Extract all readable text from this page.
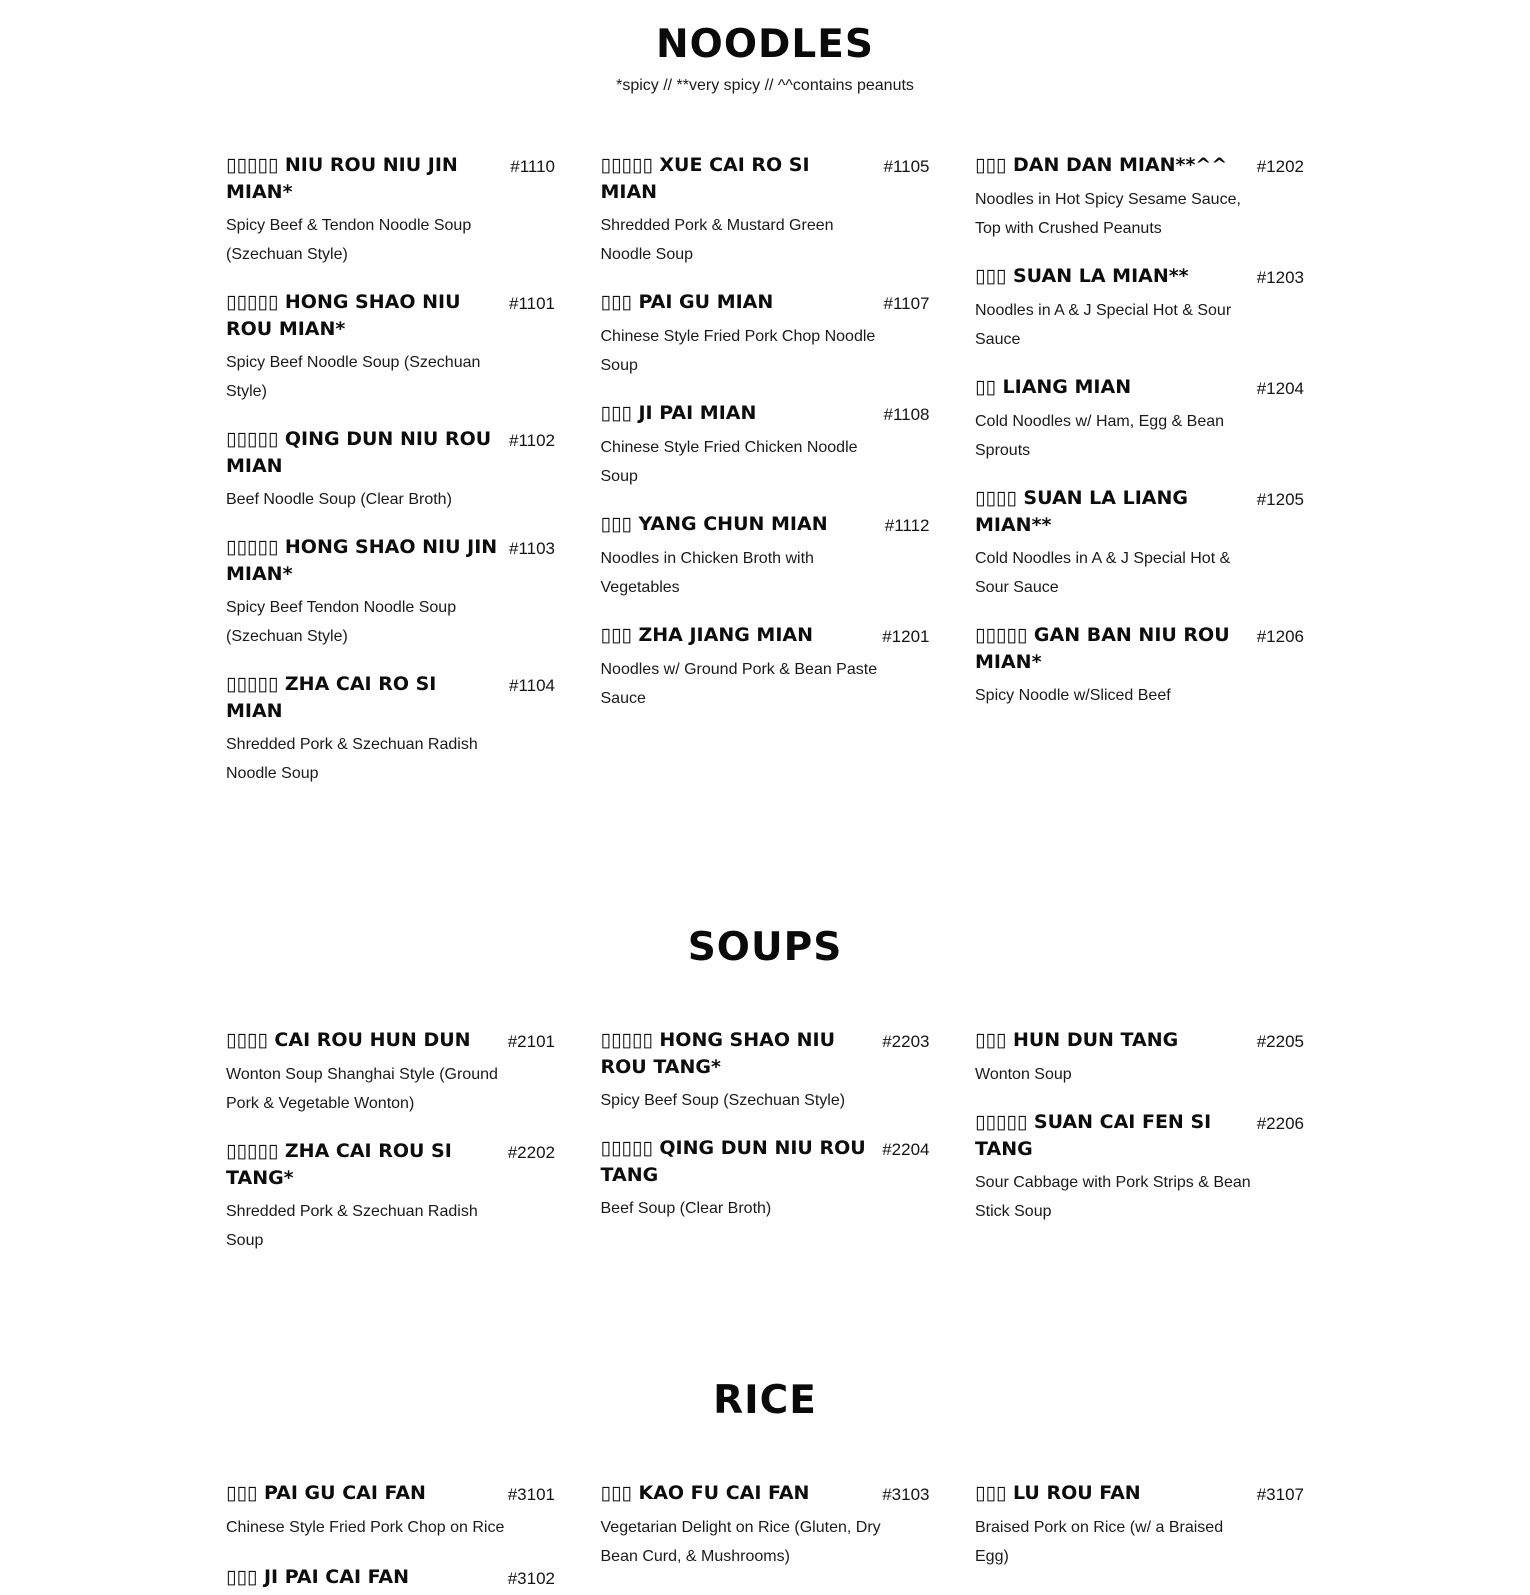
NOODLES

*spicy // **very spicy // ^^contains peanuts

▯▯▯▯▯ NIU ROU NIU JIN MIAN*
#1110

Spicy Beef & Tendon Noodle Soup (Szechuan Style)

▯▯▯▯▯ HONG SHAO NIU ROU MIAN*
#1101

Spicy Beef Noodle Soup (Szechuan Style)

▯▯▯▯▯ QING DUN NIU ROU MIAN
#1102

Beef Noodle Soup (Clear Broth)

▯▯▯▯▯ HONG SHAO NIU JIN MIAN*
#1103

Spicy Beef Tendon Noodle Soup (Szechuan Style)

▯▯▯▯▯ ZHA CAI RO SI MIAN
#1104

Shredded Pork & Szechuan Radish Noodle Soup

▯▯▯▯▯ XUE CAI RO SI MIAN
#1105

Shredded Pork & Mustard Green Noodle Soup

▯▯▯ PAI GU MIAN	#1107

Chinese Style Fried Pork Chop Noodle Soup

▯▯▯ JI PAI MIAN	#1108

Chinese Style Fried Chicken Noodle Soup

▯▯▯ YANG CHUN MIAN	#1112

Noodles in Chicken Broth with Vegetables

▯▯▯ ZHA JIANG MIAN	#1201

Noodles w/ Ground Pork & Bean Paste Sauce

▯▯▯ DAN DAN MIAN**^^	#1202

Noodles in Hot Spicy Sesame Sauce, Top with Crushed Peanuts

▯▯▯ SUAN LA MIAN**	#1203

Noodles in A & J Special Hot & Sour Sauce

▯▯ LIANG MIAN	#1204

Cold Noodles w/ Ham, Egg & Bean Sprouts

▯▯▯▯ SUAN LA LIANG MIAN**
#1205

Cold Noodles in A & J Special Hot & Sour Sauce

▯▯▯▯▯ GAN BAN NIU ROU MIAN*
#1206

Spicy Noodle w/Sliced Beef

SOUPS
▯▯▯▯ CAI ROU HUN DUN	#2101

Wonton Soup Shanghai Style (Ground Pork & Vegetable Wonton)

▯▯▯▯▯ ZHA CAI ROU SI TANG*
#2202

Shredded Pork & Szechuan Radish Soup

▯▯▯▯▯ HONG SHAO NIU ROU TANG*
#2203

Spicy Beef Soup (Szechuan Style)

▯▯▯▯▯ QING DUN NIU ROU TANG
#2204

Beef Soup (Clear Broth)

▯▯▯ HUN DUN TANG	#2205

Wonton Soup

▯▯▯▯▯ SUAN CAI FEN SI TANG
#2206

Sour Cabbage with Pork Strips & Bean Stick Soup

RICE
▯▯▯ PAI GU CAI FAN	#3101

Chinese Style Fried Pork Chop on Rice

▯▯▯ JI PAI CAI FAN	#3102
▯▯▯ KAO FU CAI FAN	#3103

Vegetarian Delight on Rice (Gluten, Dry Bean Curd, & Mushrooms)

▯▯▯ LU ROU FAN	#3107

Braised Pork on Rice (w/ a Braised Egg)
